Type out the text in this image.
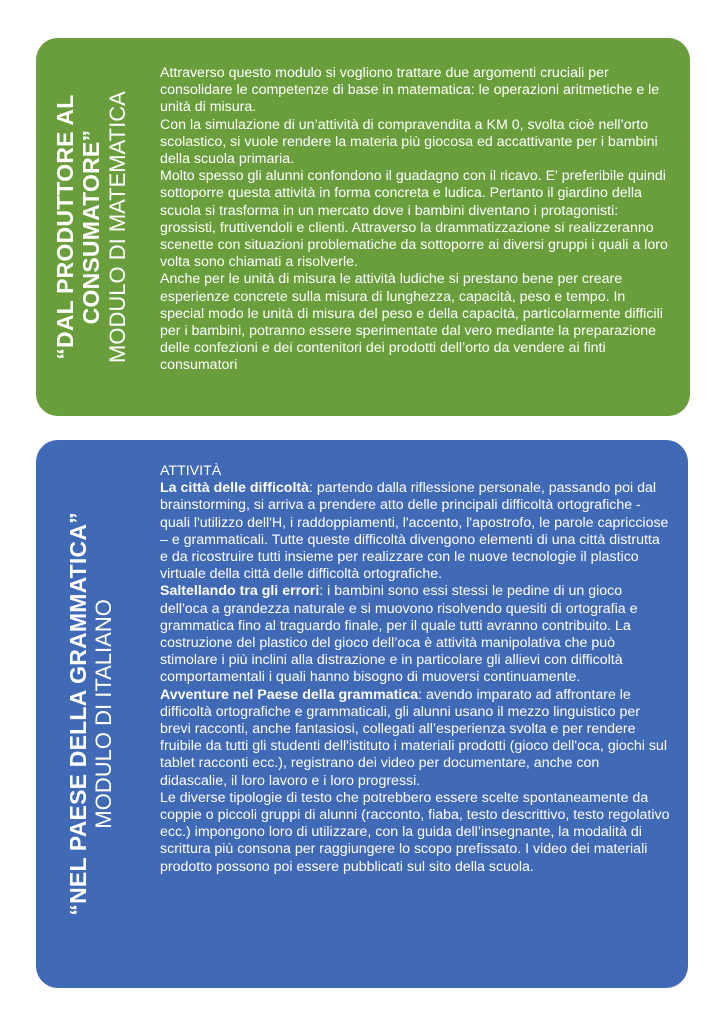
“DAL PRODUTTORE AL CONSUMATORE” MODULO DI MATEMATICA

Attraverso questo modulo si vogliono trattare due argomenti cruciali per consolidare le competenze di base in matematica: le operazioni aritmetiche e le unità di misura.

Con la simulazione di un’attività di compravendita a KM 0, svolta cioè nell’orto scolastico, si vuole rendere la materia più giocosa ed accattivante per i bambini della scuola primaria.

Molto spesso gli alunni confondono il guadagno con il ricavo. E' preferibile quindi sottoporre questa attività in forma concreta e ludica. Pertanto il giardino della scuola si trasforma in un mercato dove i bambini diventano i protagonisti: grossisti, fruttivendoli e clienti. Attraverso la drammatizzazione si realizzeranno scenette con situazioni problematiche da sottoporre ai diversi gruppi i quali a loro volta sono chiamati a risolverle.

Anche per le unità di misura le attività ludiche si prestano bene per creare esperienze concrete sulla misura di lunghezza, capacità, peso e tempo. In special modo le unità di misura del peso e della capacità, particolarmente difficili per i bambini, potranno essere sperimentate dal vero mediante la preparazione delle confezioni e dei contenitori dei prodotti dell’orto da vendere ai finti consumatori

“NEL PAESE DELLA GRAMMATICA” MODULO DI ITALIANO

ATTIVITÀ

La città delle difficoltà: partendo dalla riflessione personale, passando poi dal brainstorming, si arriva a prendere atto delle principali difficoltà ortografiche - quali l'utilizzo dell'H, i raddoppiamenti, l'accento, l'apostrofo, le parole capricciose – e grammaticali. Tutte queste difficoltà divengono elementi di una città distrutta e da ricostruire tutti insieme per realizzare con le nuove tecnologie il plastico virtuale della città delle difficoltà ortografiche.

Saltellando tra gli errori: i bambini sono essi stessi le pedine di un gioco dell'oca a grandezza naturale e si muovono risolvendo quesiti di ortografia e grammatica fino al traguardo finale, per il quale tutti avranno contribuito. La costruzione del plastico del gioco dell’oca è attività manipolativa che può stimolare i più inclini alla distrazione e in particolare gli allievi con difficoltà comportamentali i quali hanno bisogno di muoversi continuamente.

Avventure nel Paese della grammatica: avendo imparato ad affrontare le difficoltà ortografiche e grammaticali, gli alunni usano il mezzo linguistico per brevi racconti, anche fantasiosi, collegati all’esperienza svolta e per rendere fruibile da tutti gli studenti dell'istituto i materiali prodotti (gioco dell'oca, giochi sul tablet racconti ecc.), registrano dei video per documentare, anche con didascalie, il loro lavoro e i loro progressi.

Le diverse tipologie di testo che potrebbero essere scelte spontaneamente da coppie o piccoli gruppi di alunni (racconto, fiaba, testo descrittivo, testo regolativo ecc.) impongono loro di utilizzare, con la guida dell’insegnante, la modalità di scrittura più consona per raggiungere lo scopo prefissato. I video dei materiali prodotto possono poi essere pubblicati sul sito della scuola.
